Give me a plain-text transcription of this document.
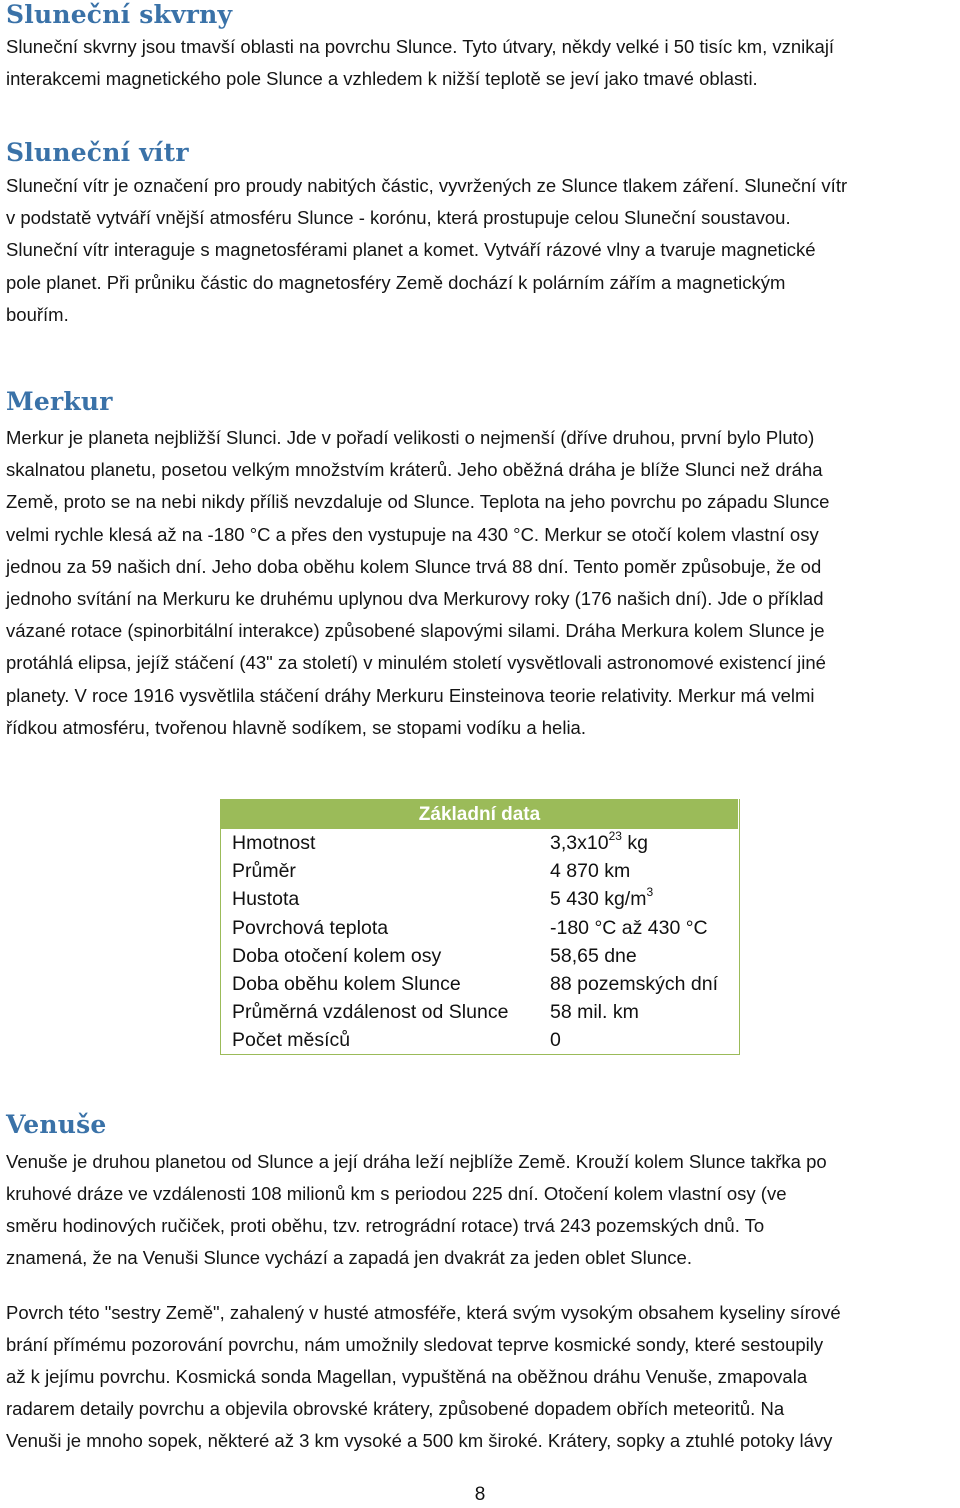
Sluneční skvrny
Sluneční skvrny jsou tmavší oblasti na povrchu Slunce. Tyto útvary, někdy velké i 50 tisíc km, vznikají
interakcemi magnetického pole Slunce a vzhledem k nižší teplotě se jeví jako tmavé oblasti.
Sluneční vítr
Sluneční vítr je označení pro proudy nabitých částic, vyvržených ze Slunce tlakem záření. Sluneční vítr
v podstatě vytváří vnější atmosféru Slunce - korónu, která prostupuje celou Sluneční soustavou.
Sluneční vítr interaguje s magnetosférami planet a komet. Vytváří rázové vlny a tvaruje magnetické
pole planet. Při průniku částic do magnetosféry Země dochází k polárním zářím a magnetickým
bouřím.
Merkur
Merkur je planeta nejbližší Slunci. Jde v pořadí velikosti o nejmenší (dříve druhou, první bylo Pluto)
skalnatou planetu, posetou velkým množstvím kráterů. Jeho oběžná dráha je blíže Slunci než dráha
Země, proto se na nebi nikdy příliš nevzdaluje od Slunce. Teplota na jeho povrchu po západu Slunce
velmi rychle klesá až na -180 °C a přes den vystupuje na 430 °C. Merkur se otočí kolem vlastní osy
jednou za 59 našich dní. Jeho doba oběhu kolem Slunce trvá 88 dní. Tento poměr způsobuje, že od
jednoho svítání na Merkuru ke druhému uplynou dva Merkurovy roky (176 našich dní). Jde o příklad
vázané rotace (spinorbitální interakce) způsobené slapovými silami. Dráha Merkura kolem Slunce je
protáhlá elipsa, jejíž stáčení (43ʺ za století) v minulém století vysvětlovali astronomové existencí jiné
planety. V roce 1916 vysvětlila stáčení dráhy Merkuru Einsteinova teorie relativity. Merkur má velmi
řídkou atmosféru, tvořenou hlavně sodíkem, se stopami vodíku a helia.
Základní data
Hmotnost	$3,3x10^{23}$ kg
Průměr	4 870 km
Hustota	5 430 $kg/m^3$
Povrchová teplota	-180 °C až 430 °C
Doba otočení kolem osy	58,65 dne
Doba oběhu kolem Slunce	88 pozemských dní
Průměrná vzdálenost od Slunce 58 mil. km
Počet měsíců	0
Venuše
Venuše je druhou planetou od Slunce a její dráha leží nejblíže Země. Krouží kolem Slunce takřka po
kruhové dráze ve vzdálenosti 108 milionů km s periodou 225 dní. Otočení kolem vlastní osy (ve
směru hodinových ručiček, proti oběhu, tzv. retrográdní rotace) trvá 243 pozemských dnů. To
znamená, že na Venuši Slunce vychází a zapadá jen dvakrát za jeden oblet Slunce.
Povrch této "sestry Země", zahalený v husté atmosféře, která svým vysokým obsahem kyseliny sírové
brání přímému pozorování povrchu, nám umožnily sledovat teprve kosmické sondy, které sestoupily
až k jejímu povrchu. Kosmická sonda Magellan, vypuštěná na oběžnou dráhu Venuše, zmapovala
radarem detaily povrchu a objevila obrovské krátery, způsobené dopadem obřích meteoritů. Na
Venuši je mnoho sopek, některé až 3 km vysoké a 500 km široké. Krátery, sopky a ztuhlé potoky lávy
8
